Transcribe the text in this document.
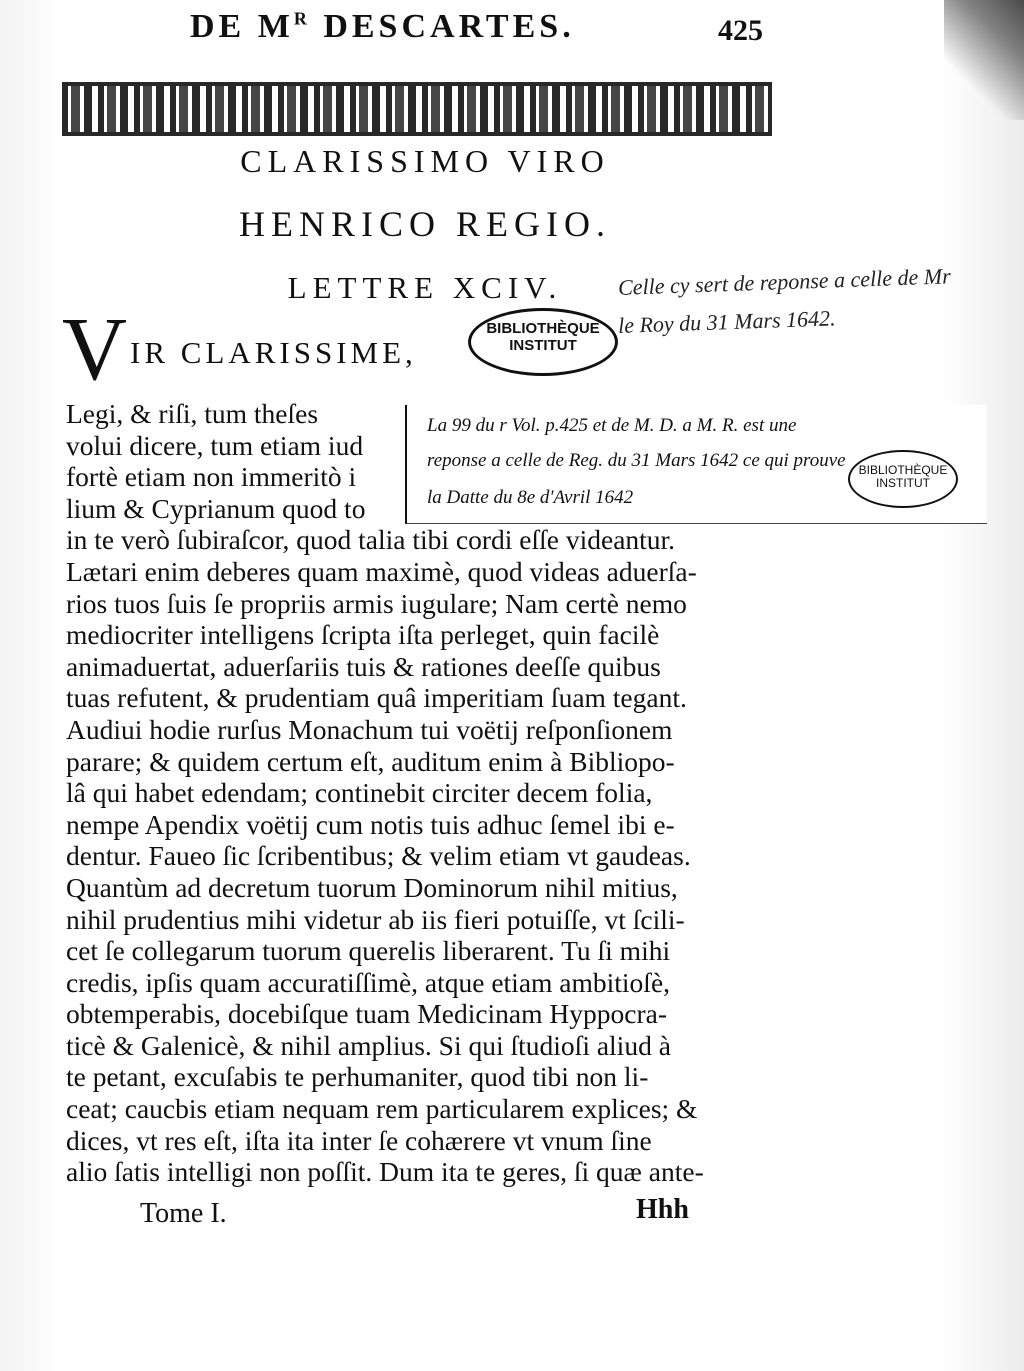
DE $M^R$ DESCARTES.	425
CLARISSIMO VIRO
HENRICO REGIO.
LETTRE XCIV.
V IR CLARISSIME,
BIBLIOTHÈQUE
INSTITUT
Celle cy sert de reponse a celle de Mr
le Roy du 31 Mars 1642.
Legi, & riſi, tum theſes
volui dicere, tum etiam iud
fortè etiam non immeritò i
lium & Cyprianum quod to
in te verò ſubiraſcor, quod talia tibi cordi eſſe videantur.
Lætari enim deberes quam maximè, quod videas aduerſa-
rios tuos ſuis ſe propriis armis iugulare; Nam certè nemo
mediocriter intelligens ſcripta iſta perleget, quin facilè
animaduertat, aduerſariis tuis & rationes deeſſe quibus
tuas refutent, & prudentiam quâ imperitiam ſuam tegant.
Audiui hodie rurſus Monachum tui voëtij reſponſionem
parare; & quidem certum eſt, auditum enim à Bibliopo-
lâ qui habet edendam; continebit circiter decem folia,
nempe Apendix voëtij cum notis tuis adhuc ſemel ibi e-
dentur. Faueo ſic ſcribentibus; & velim etiam vt gaudeas.
Quantùm ad decretum tuorum Dominorum nihil mitius,
nihil prudentius mihi videtur ab iis fieri potuiſſe, vt ſcili-
cet ſe collegarum tuorum querelis liberarent. Tu ſi mihi
credis, ipſis quam accuratiſſimè, atque etiam ambitioſè,
obtemperabis, docebiſque tuam Medicinam Hyppocra-
ticè & Galenicè, & nihil amplius. Si qui ſtudioſi aliud à
te petant, excuſabis te perhumaniter, quod tibi non li-
ceat; caucbis etiam nequam rem particularem explices; &
dices, vt res eſt, iſta ita inter ſe cohærere vt vnum ſine
alio ſatis intelligi non poſſit. Dum ita te geres, ſi quæ ante-
La 99 du r Vol. p.425 et de M. D. a M. R. est une
reponse a celle de Reg. du 31 Mars 1642 ce qui prouve
la Datte du 8e d'Avril 1642
BIBLIOTHÈQUE
INSTITUT
Tome I.	Hhh
